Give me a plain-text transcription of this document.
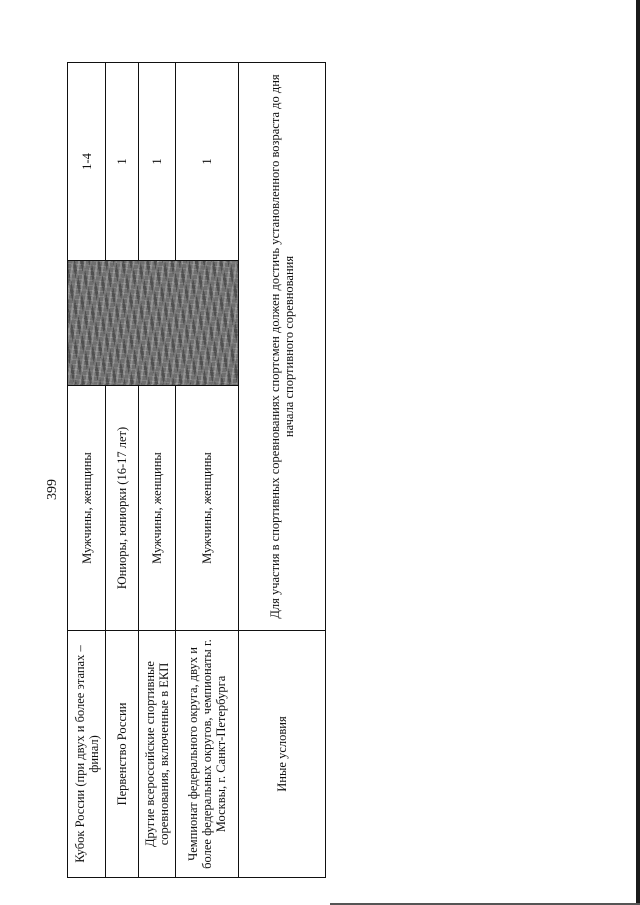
399
Кубок России (при двух и более этапах – финал)	Мужчины, женщины		1-4
Первенство России	Юниоры, юниорки (16-17 лет)		1
Другие всероссийские спортивные соревнования, включенные в ЕКП	Мужчины, женщины		1
Чемпионат федерального округа, двух и более федеральных округов, чемпионаты г. Москвы, г. Санкт-Петербурга	Мужчины, женщины		1
Иные условия	Для участия в спортивных соревнованиях спортсмен должен достичь установленного возраста до дня начала спортивного соревнования		
